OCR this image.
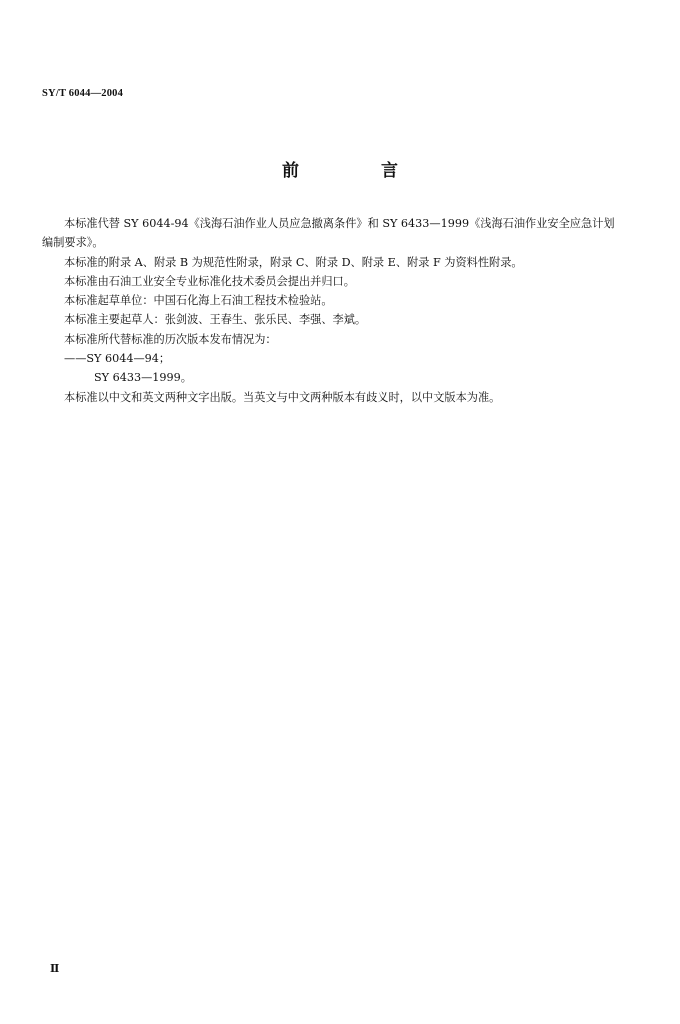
SY/T 6044—2004
前 言

本标准代替 SY 6044-94《浅海石油作业人员应急撤离条件》和 SY 6433—1999《浅海石油作业安全应急计划编制要求》。

本标准的附录 A、附录 B 为规范性附录，附录 C、附录 D、附录 E、附录 F 为资料性附录。

本标准由石油工业安全专业标准化技术委员会提出并归口。

本标准起草单位：中国石化海上石油工程技术检验站。

本标准主要起草人：张剑波、王春生、张乐民、李强、李斌。

本标准所代替标准的历次版本发布情况为：

——SY 6044—94；

SY 6433—1999。

本标准以中文和英文两种文字出版。当英文与中文两种版本有歧义时，以中文版本为准。

Ⅱ
